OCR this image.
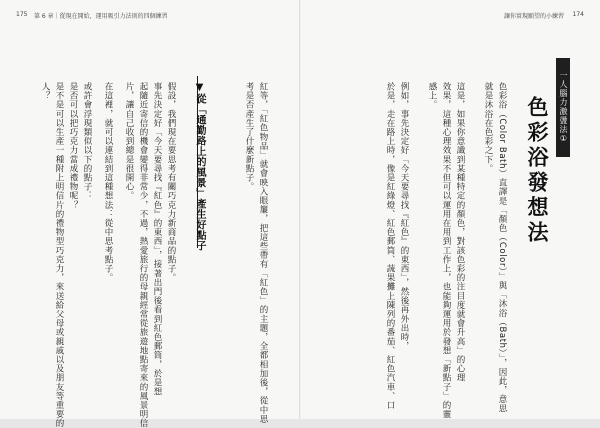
175 第 6 章｜從現在開始，運用吸引力法則的四個練習	讓你實現願望的小練習 174
一人腦力激盪法①
色彩浴發想法
色彩浴（Color Bath）直譯是「顏色（Color）」與「沐浴（Bath）」，因此，意思
就是沐浴在色彩之下。
這是，如果你意識到某種特定的顏色，對該色彩的注目度就會升高」的心理
效果，這種心理效果不但可以運用在用到工作上，也能夠運用於發想「新點子」的靈
感上。
例如，事先決定好「今天要尋找『紅色』的東西」，然後再外出時，
於是，走在路上時，像是紅綠燈、紅色郵筒、蔬果攤上陳列的番茄、紅色汽車、口
紅等，「紅色物品」就會映入眼簾，把這些帶有「紅色」的主題，全都相加後，從中思
考是否產生了什麼新點子。
▼從「通勤路上的風景」產生好點子
假設，我們現在要思考有關巧克力新商品的點子。
事先決定好「今天要尋找『紅色』的東西」，接著出門後看到紅色郵筒，於是想
起隨近寄信的機會變得非常少，不過，熱愛旅行的母親經常從旅遊地點寄來的風景明信
片，讓自己收到總是很開心。
在這裡，就可以連結到這種想法：從中思考點子。
或許會浮現類似以下的點子：
是否可以把巧克力當成禮物呢？
是不是可以生產一種附上明信片的禮物型巧克力，來送給父母或親戚以及朋友等重要的
人？
